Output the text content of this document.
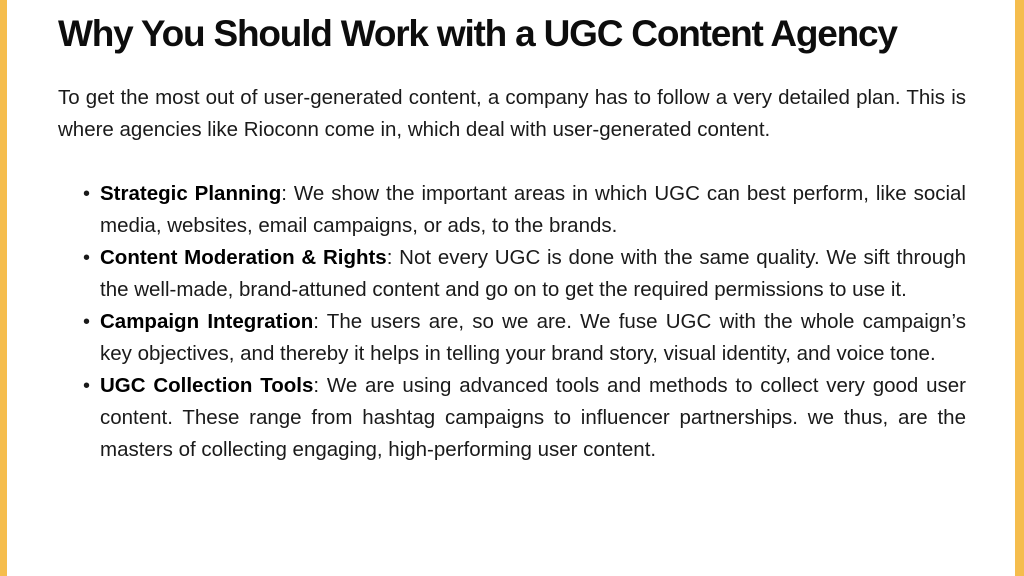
Why You Should Work with a UGC Content Agency

To get the most out of user-generated content, a company has to follow a very detailed plan. This is where agencies like Rioconn come in, which deal with user-generated content.

• Strategic Planning: We show the important areas in which UGC can best perform, like social media, websites, email campaigns, or ads, to the brands.
• Content Moderation & Rights: Not every UGC is done with the same quality. We sift through the well-made, brand-attuned content and go on to get the required permissions to use it.
• Campaign Integration: The users are, so we are. We fuse UGC with the whole campaign’s key objectives, and thereby it helps in telling your brand story, visual identity, and voice tone.
• UGC Collection Tools: We are using advanced tools and methods to collect very good user content. These range from hashtag campaigns to influencer partnerships. we thus, are the masters of collecting engaging, high-performing user content.
